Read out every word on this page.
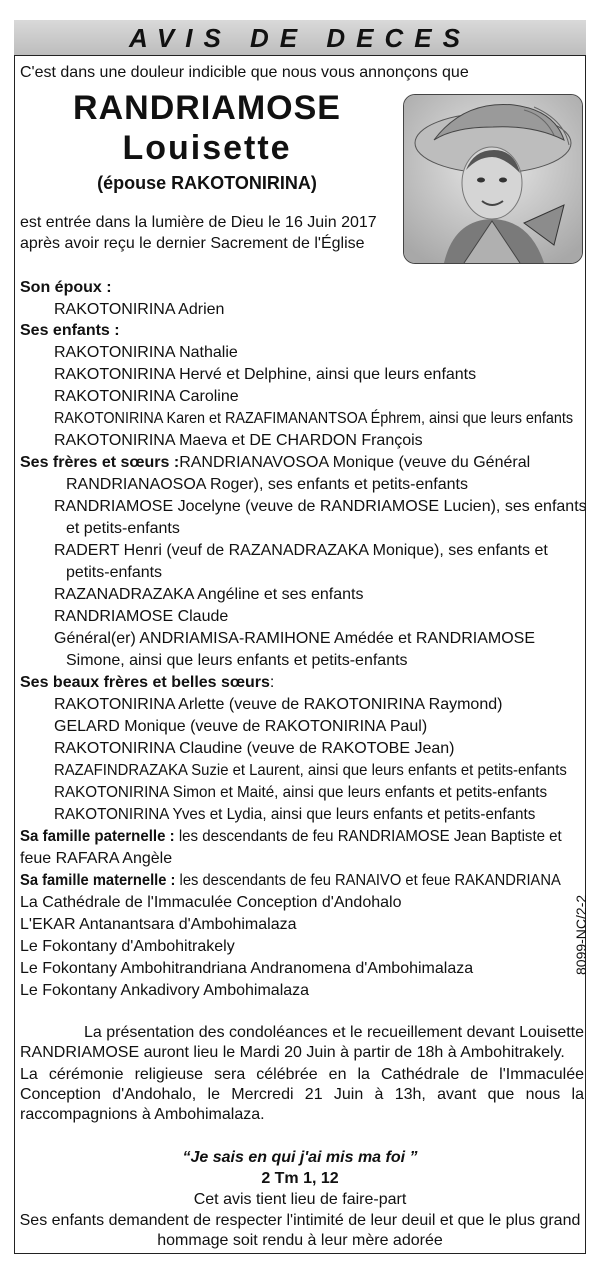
AVIS DE DECES
C'est dans une douleur indicible que nous vous annonçons que
RANDRIAMOSE
Louisette
(épouse RAKOTONIRINA)
est entrée dans la lumière de Dieu le 16 Juin 2017
après avoir reçu le dernier Sacrement de l'Église
Son époux :
RAKOTONIRINA Adrien
Ses enfants :
RAKOTONIRINA Nathalie
RAKOTONIRINA Hervé et Delphine, ainsi que leurs enfants
RAKOTONIRINA Caroline
RAKOTONIRINA Karen et RAZAFIMANANTSOA Éphrem, ainsi que leurs enfants
RAKOTONIRINA Maeva et DE CHARDON François
Ses frères et sœurs :RANDRIANAVOSOA Monique (veuve du Général
RANDRIANAOSOA Roger), ses enfants et petits-enfants
RANDRIAMOSE Jocelyne (veuve de RANDRIAMOSE Lucien), ses enfants
et petits-enfants
RADERT Henri (veuf de RAZANADRAZAKA Monique), ses enfants et
petits-enfants
RAZANADRAZAKA Angéline et ses enfants
RANDRIAMOSE Claude
Général(er) ANDRIAMISA-RAMIHONE Amédée et RANDRIAMOSE
Simone, ainsi que leurs enfants et petits-enfants
Ses beaux frères et belles sœurs:
RAKOTONIRINA Arlette (veuve de RAKOTONIRINA Raymond)
GELARD Monique (veuve de RAKOTONIRINA Paul)
RAKOTONIRINA Claudine (veuve de RAKOTOBE Jean)
RAZAFINDRAZAKA Suzie et Laurent, ainsi que leurs enfants et petits-enfants
RAKOTONIRINA Simon et Maité, ainsi que leurs enfants et petits-enfants
RAKOTONIRINA Yves et Lydia, ainsi que leurs enfants et petits-enfants
Sa famille paternelle : les descendants de feu RANDRIAMOSE Jean Baptiste et
feue RAFARA Angèle
Sa famille maternelle : les descendants de feu RANAIVO et feue RAKANDRIANA
La Cathédrale de l'Immaculée Conception d'Andohalo
L'EKAR Antanantsara d'Ambohimalaza
Le Fokontany d'Ambohitrakely
Le Fokontany Ambohitrandriana Andranomena d'Ambohimalaza
Le Fokontany Ankadivory Ambohimalaza
8099-NC/2-2
La présentation des condoléances et le recueillement devant Louisette RANDRIAMOSE auront lieu le Mardi 20 Juin à partir de 18h à Ambohitrakely.
La cérémonie religieuse sera célébrée en la Cathédrale de l'Immaculée Conception d'Andohalo, le Mercredi 21 Juin à 13h, avant que nous la raccompagnions à Ambohimalaza.
“Je sais en qui j'ai mis ma foi ”
2 Tm 1, 12
Cet avis tient lieu de faire-part
Ses enfants demandent de respecter l'intimité de leur deuil et que le plus grand hommage soit rendu à leur mère adorée
